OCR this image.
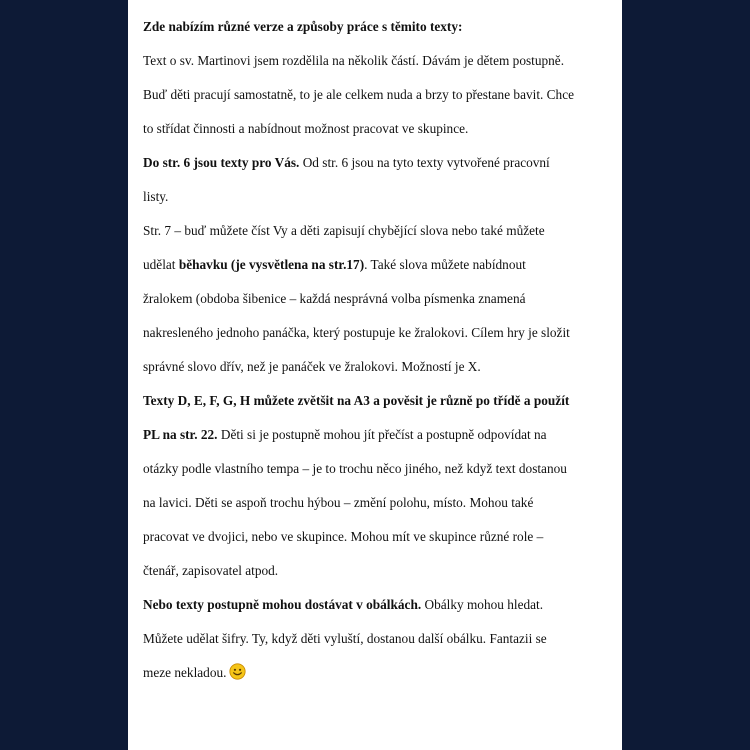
Zde nabízím různé verze a způsoby práce s těmito texty:
Text o sv. Martinovi jsem rozdělila na několik částí. Dávám je dětem postupně.
Buď děti pracují samostatně, to je ale celkem nuda a brzy to přestane bavit. Chce
to střídat činnosti a nabídnout možnost pracovat ve skupince.
Do str. 6 jsou texty pro Vás. Od str. 6 jsou na tyto texty vytvořené pracovní
listy.
Str. 7 – buď můžete číst Vy a děti zapisují chybějící slova nebo také můžete
udělat běhavku (je vysvětlena na str.17). Také slova můžete nabídnout
žralokem (obdoba šibenice – každá nesprávná volba písmenka znamená
nakresleného jednoho panáčka, který postupuje ke žralokovi. Cílem hry je složit
správné slovo dřív, než je panáček ve žralokovi. Možností je X.
Texty D, E, F, G, H můžete zvětšit na A3 a pověsit je různě po třídě a použít
PL na str. 22. Děti si je postupně mohou jít přečíst a postupně odpovídat na
otázky podle vlastního tempa – je to trochu něco jiného, než když text dostanou
na lavici. Děti se aspoň trochu hýbou – změní polohu, místo. Mohou také
pracovat ve dvojici, nebo ve skupince. Mohou mít ve skupince různé role –
čtenář, zapisovatel atpod.
Nebo texty postupně mohou dostávat v obálkách. Obálky mohou hledat.
Můžete udělat šifry. Ty, když děti vyluští, dostanou další obálku. Fantazii se
meze nekladou.
